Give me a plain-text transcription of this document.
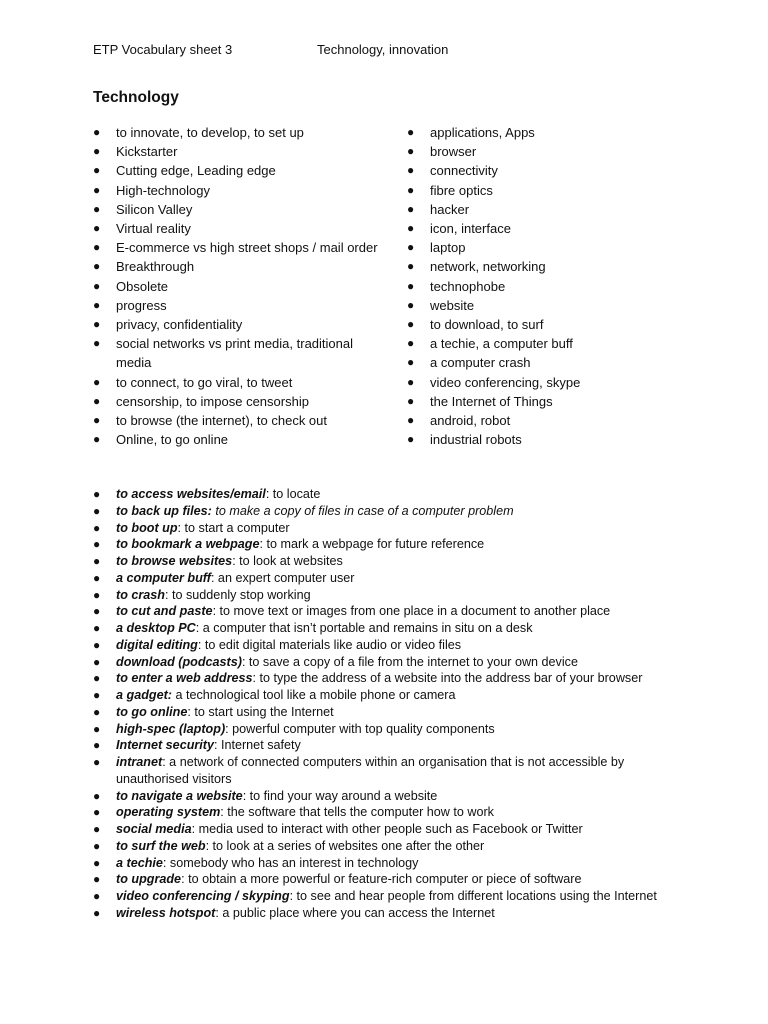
ETP Vocabulary sheet 3	Technology, innovation
Technology
● to innovate, to develop, to set up
● Kickstarter
● Cutting edge, Leading edge
● High-technology
● Silicon Valley
● Virtual reality
● E-commerce vs high street shops / mail order
● Breakthrough
● Obsolete
● progress
● privacy, confidentiality
● social networks vs print media, traditional media
● to connect, to go viral, to tweet
● censorship, to impose censorship
● to browse (the internet), to check out
● Online, to go online
● applications, Apps
● browser
● connectivity
● fibre optics
● hacker
● icon, interface
● laptop
● network, networking
● technophobe
● website
● to download, to surf
● a techie, a computer buff
● a computer crash
● video conferencing, skype
● the Internet of Things
● android, robot
● industrial robots
● to access websites/email: to locate
● to back up files: to make a copy of files in case of a computer problem
● to boot up: to start a computer
● to bookmark a webpage: to mark a webpage for future reference
● to browse websites: to look at websites
● a computer buff: an expert computer user
● to crash: to suddenly stop working
● to cut and paste: to move text or images from one place in a document to another place
● a desktop PC: a computer that isn’t portable and remains in situ on a desk
● digital editing: to edit digital materials like audio or video files
● download (podcasts): to save a copy of a file from the internet to your own device
● to enter a web address: to type the address of a website into the address bar of your browser
● a gadget: a technological tool like a mobile phone or camera
● to go online: to start using the Internet
● high-spec (laptop): powerful computer with top quality components
● Internet security: Internet safety
● intranet: a network of connected computers within an organisation that is not accessible by unauthorised visitors
● to navigate a website: to find your way around a website
● operating system: the software that tells the computer how to work
● social media: media used to interact with other people such as Facebook or Twitter
● to surf the web: to look at a series of websites one after the other
● a techie: somebody who has an interest in technology
● to upgrade: to obtain a more powerful or feature-rich computer or piece of software
● video conferencing / skyping: to see and hear people from different locations using the Internet
● wireless hotspot: a public place where you can access the Internet
